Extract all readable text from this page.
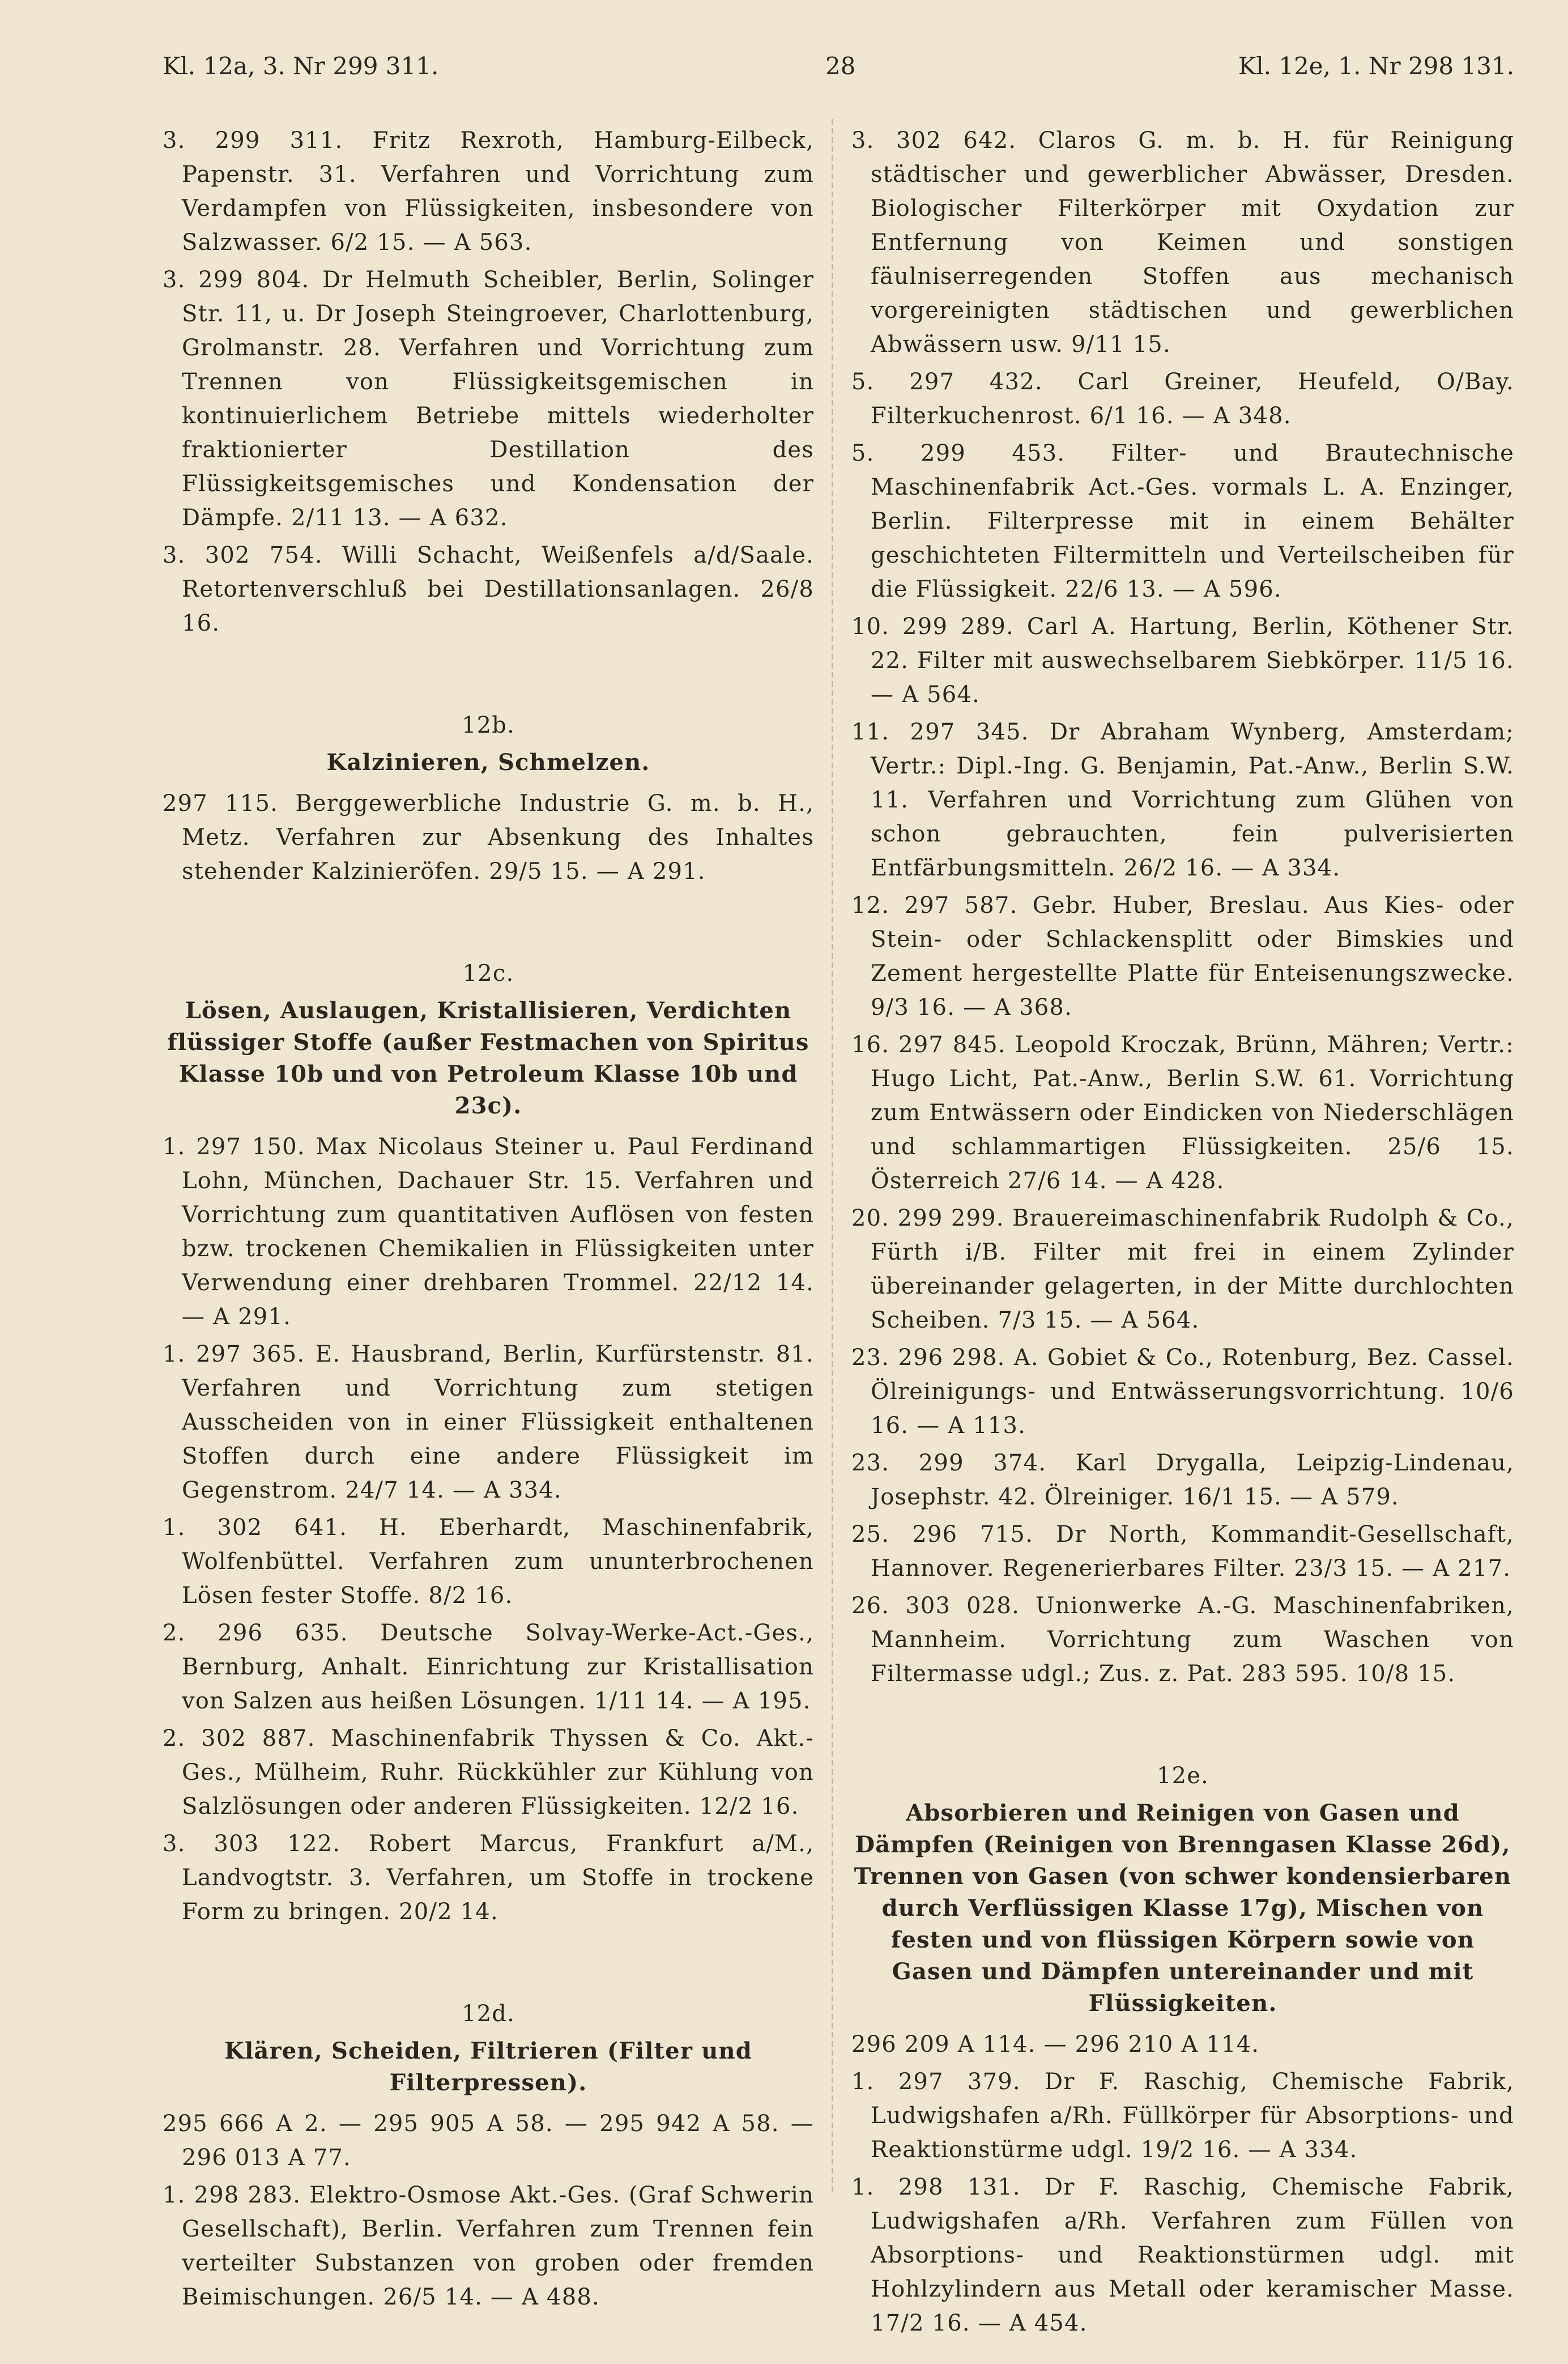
Kl. 12a, 3. Nr 299 311.	28	Kl. 12e, 1. Nr 298 131.

3. 299 311. Fritz Rexroth, Hamburg-Eilbeck, Papenstr. 31. Verfahren und Vorrichtung zum Verdampfen von Flüssigkeiten, insbesondere von Salzwasser. 6/2 15. — A 563.

3. 299 804. Dr Helmuth Scheibler, Berlin, Solinger Str. 11, u. Dr Joseph Steingroever, Charlottenburg, Grolmanstr. 28. Verfahren und Vorrichtung zum Trennen von Flüssigkeitsgemischen in kontinuierlichem Betriebe mittels wiederholter fraktionierter Destillation des Flüssigkeitsgemisches und Kondensation der Dämpfe. 2/11 13. — A 632.

3. 302 754. Willi Schacht, Weißenfels a/d/Saale. Retortenverschluß bei Destillationsanlagen. 26/8 16.

12b.
Kalzinieren, Schmelzen.

297 115. Berggewerbliche Industrie G. m. b. H., Metz. Verfahren zur Absenkung des Inhaltes stehender Kalzinieröfen. 29/5 15. — A 291.

12c.
Lösen, Auslaugen, Kristallisieren, Verdichten flüssiger Stoffe (außer Festmachen von Spiritus Klasse 10b und von Petroleum Klasse 10b und 23c).

1. 297 150. Max Nicolaus Steiner u. Paul Ferdinand Lohn, München, Dachauer Str. 15. Verfahren und Vorrichtung zum quantitativen Auflösen von festen bzw. trockenen Chemikalien in Flüssigkeiten unter Verwendung einer drehbaren Trommel. 22/12 14. — A 291.

1. 297 365. E. Hausbrand, Berlin, Kurfürstenstr. 81. Verfahren und Vorrichtung zum stetigen Ausscheiden von in einer Flüssigkeit enthaltenen Stoffen durch eine andere Flüssigkeit im Gegenstrom. 24/7 14. — A 334.

1. 302 641. H. Eberhardt, Maschinenfabrik, Wolfenbüttel. Verfahren zum ununterbrochenen Lösen fester Stoffe. 8/2 16.

2. 296 635. Deutsche Solvay-Werke-Act.-Ges., Bernburg, Anhalt. Einrichtung zur Kristallisation von Salzen aus heißen Lösungen. 1/11 14. — A 195.

2. 302 887. Maschinenfabrik Thyssen & Co. Akt.-Ges., Mülheim, Ruhr. Rückkühler zur Kühlung von Salzlösungen oder anderen Flüssigkeiten. 12/2 16.

3. 303 122. Robert Marcus, Frankfurt a/M., Landvogtstr. 3. Verfahren, um Stoffe in trockene Form zu bringen. 20/2 14.

12d.
Klären, Scheiden, Filtrieren (Filter und Filterpressen).

295 666 A 2. — 295 905 A 58. — 295 942 A 58. — 296 013 A 77.

1. 298 283. Elektro-Osmose Akt.-Ges. (Graf Schwerin Gesellschaft), Berlin. Verfahren zum Trennen fein verteilter Substanzen von groben oder fremden Beimischungen. 26/5 14. — A 488.

3. 302 642. Claros G. m. b. H. für Reinigung städtischer und gewerblicher Abwässer, Dresden. Biologischer Filterkörper mit Oxydation zur Entfernung von Keimen und sonstigen fäulniserregenden Stoffen aus mechanisch vorgereinigten städtischen und gewerblichen Abwässern usw. 9/11 15.

5. 297 432. Carl Greiner, Heufeld, O/Bay. Filterkuchenrost. 6/1 16. — A 348.

5. 299 453. Filter- und Brautechnische Maschinenfabrik Act.-Ges. vormals L. A. Enzinger, Berlin. Filterpresse mit in einem Behälter geschichteten Filtermitteln und Verteilscheiben für die Flüssigkeit. 22/6 13. — A 596.

10. 299 289. Carl A. Hartung, Berlin, Köthener Str. 22. Filter mit auswechselbarem Siebkörper. 11/5 16. — A 564.

11. 297 345. Dr Abraham Wynberg, Amsterdam; Vertr.: Dipl.-Ing. G. Benjamin, Pat.-Anw., Berlin S.W. 11. Verfahren und Vorrichtung zum Glühen von schon gebrauchten, fein pulverisierten Entfärbungsmitteln. 26/2 16. — A 334.

12. 297 587. Gebr. Huber, Breslau. Aus Kies- oder Stein- oder Schlackensplitt oder Bimskies und Zement hergestellte Platte für Enteisenungszwecke. 9/3 16. — A 368.

16. 297 845. Leopold Kroczak, Brünn, Mähren; Vertr.: Hugo Licht, Pat.-Anw., Berlin S.W. 61. Vorrichtung zum Entwässern oder Eindicken von Niederschlägen und schlammartigen Flüssigkeiten. 25/6 15. Österreich 27/6 14. — A 428.

20. 299 299. Brauereimaschinenfabrik Rudolph & Co., Fürth i/B. Filter mit frei in einem Zylinder übereinander gelagerten, in der Mitte durchlochten Scheiben. 7/3 15. — A 564.

23. 296 298. A. Gobiet & Co., Rotenburg, Bez. Cassel. Ölreinigungs- und Entwässerungsvorrichtung. 10/6 16. — A 113.

23. 299 374. Karl Drygalla, Leipzig-Lindenau, Josephstr. 42. Ölreiniger. 16/1 15. — A 579.

25. 296 715. Dr North, Kommandit-Gesellschaft, Hannover. Regenerierbares Filter. 23/3 15. — A 217.

26. 303 028. Unionwerke A.-G. Maschinenfabriken, Mannheim. Vorrichtung zum Waschen von Filtermasse udgl.; Zus. z. Pat. 283 595. 10/8 15.

12e.
Absorbieren und Reinigen von Gasen und Dämpfen (Reinigen von Brenngasen Klasse 26d), Trennen von Gasen (von schwer kondensierbaren durch Verflüssigen Klasse 17g), Mischen von festen und von flüssigen Körpern sowie von Gasen und Dämpfen untereinander und mit Flüssigkeiten.

296 209 A 114. — 296 210 A 114.

1. 297 379. Dr F. Raschig, Chemische Fabrik, Ludwigshafen a/Rh. Füllkörper für Absorptions- und Reaktionstürme udgl. 19/2 16. — A 334.

1. 298 131. Dr F. Raschig, Chemische Fabrik, Ludwigshafen a/Rh. Verfahren zum Füllen von Absorptions- und Reaktionstürmen udgl. mit Hohlzylindern aus Metall oder keramischer Masse. 17/2 16. — A 454.
